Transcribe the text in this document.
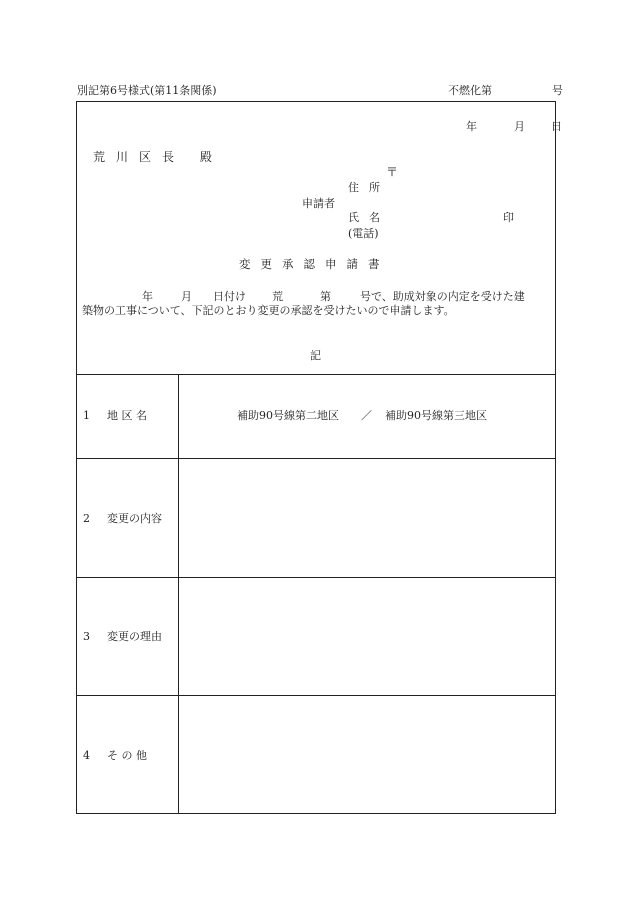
別記第6号様式(第11条関係)	不燃化第	号
年	月 日
荒川区長 殿
〒
住所
申請者
氏名	印
(電話)
変更承認申請書
年	月 日付け 荒	第	号で、助成対象の内定を受けた建
築物の工事について、下記のとおり変更の承認を受けたいので申請します。
記
1 地 区 名	補助90号線第二地区 ／ 補助90号線第三地区
2 変更の内容
3 変更の理由
4 そ の 他
